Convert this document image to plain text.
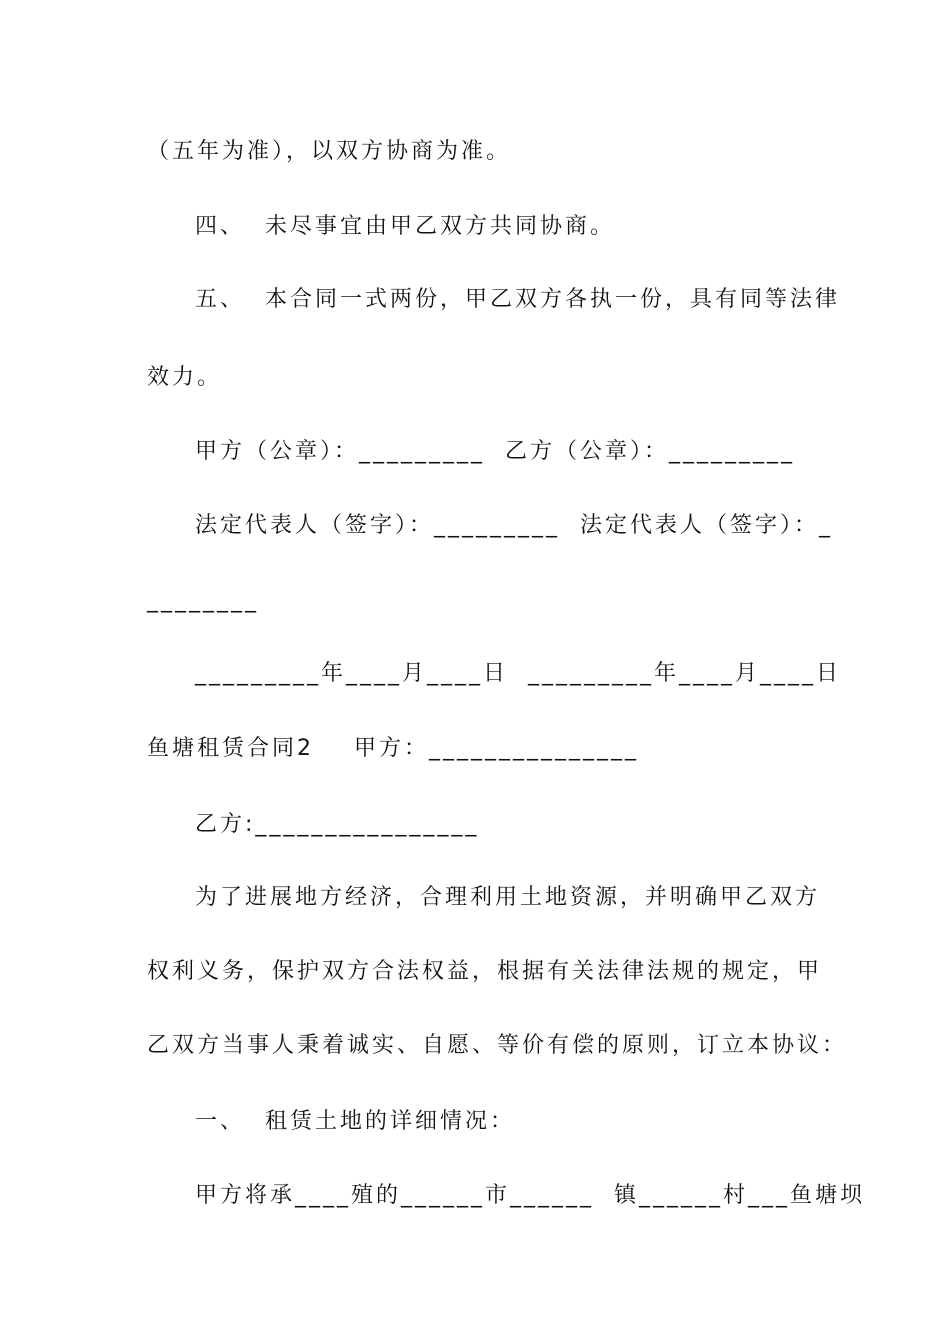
（五年为准），以双方协商为准。
四、  未尽事宜由甲乙双方共同协商。
五、  本合同一式两份，甲乙双方各执一份，具有同等法律
效力。
甲方（公章）：_________  乙方（公章）：_________
法定代表人（签字）：_________  法定代表人（签字）：_
________
_________年____月____日  _________年____月____日
鱼塘租赁合同2    甲方：_______________
乙方:________________
为了进展地方经济，合理利用土地资源，并明确甲乙双方
权利义务，保护双方合法权益，根据有关法律法规的规定，甲
乙双方当事人秉着诚实、自愿、等价有偿的原则，订立本协议：
一、  租赁土地的详细情况：
甲方将承____殖的______市______  镇______村___鱼塘坝
